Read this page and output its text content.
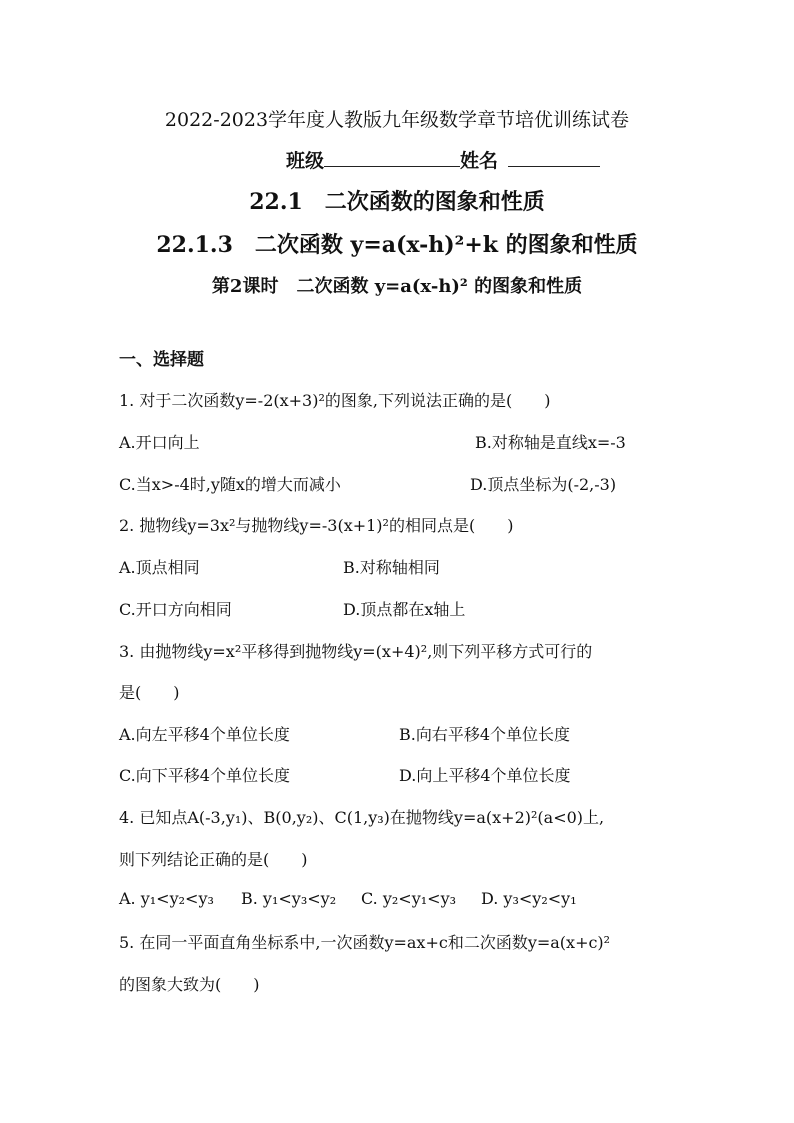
2022-2023学年度人教版九年级数学章节培优训练试卷
班级	姓名
22.1　二次函数的图象和性质
22.1.3　二次函数 y=a(x-h)²+k 的图象和性质
第2课时　二次函数 y=a(x-h)² 的图象和性质
一、选择题
1. 对于二次函数y=-2(x+3)²的图象,下列说法正确的是(　　)
A.开口向上	B.对称轴是直线x=-3
C.当x>-4时,y随x的增大而减小	D.顶点坐标为(-2,-3)
2. 抛物线y=3x²与抛物线y=-3(x+1)²的相同点是(　　)
A.顶点相同	B.对称轴相同
C.开口方向相同	D.顶点都在x轴上
3. 由抛物线y=x²平移得到抛物线y=(x+4)²,则下列平移方式可行的
是(　　)
A.向左平移4个单位长度	B.向右平移4个单位长度
C.向下平移4个单位长度	D.向上平移4个单位长度
4. 已知点A(-3,y₁)、B(0,y₂)、C(1,y₃)在抛物线y=a(x+2)²(a<0)上,
则下列结论正确的是(　　)
A. y₁<y₂<y₃ B. y₁<y₃<y₂ C. y₂<y₁<y₃ D. y₃<y₂<y₁
5. 在同一平面直角坐标系中,一次函数y=ax+c和二次函数y=a(x+c)²
的图象大致为(　　)
